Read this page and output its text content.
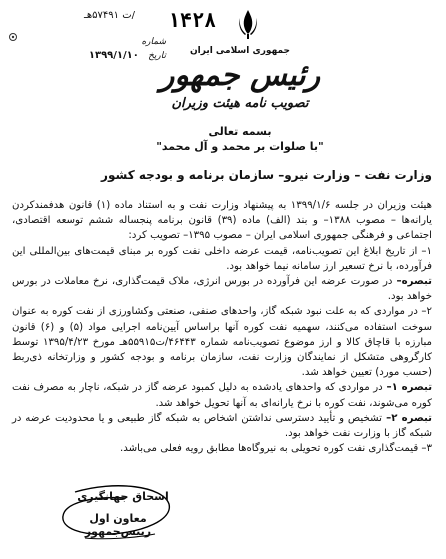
۱۴۲۸
/ت ۵۷۴۹۱هـ
شماره
تاریخ ۱۳۹۹/۱/۱۰	جمهوری اسلامی ایران
رئیس جمهور
تصویب نامه هیئت وزیران
بسمه تعالی
"با صلوات بر محمد و آل محمد"
وزارت نفت – وزارت نیرو– سازمان برنامه و بودجه کشور

هیئت وزیران در جلسه ۱۳۹۹/۱/۶ به پیشنهاد وزارت نفت و به استناد ماده (۱) قانون هدفمندکردن یارانه‌ها – مصوب ۱۳۸۸– و بند (الف) ماده (۳۹) قانون برنامه پنجساله ششم توسعه اقتصادی، اجتماعی و فرهنگی جمهوری اسلامی ایران – مصوب ۱۳۹۵– تصویب کرد:

۱– از تاریخ ابلاغ این تصویب‌نامه، قیمت عرضه داخلی نفت کوره بر مبنای قیمت‌های بین‌المللی این فرآورده، با نرخ تسعیر ارز سامانه نیما خواهد بود.

تبصره– در صورت عرضه این فرآورده در بورس انرژی، ملاک قیمت‌گذاری، نرخ معاملات در بورس خواهد بود.

۲– در مواردی که به علت نبود شبکه گاز، واحدهای صنفی، صنعتی وکشاورزی از نفت کوره به عنوان سوخت استفاده می‌کنند، سهمیه نفت کوره آنها براساس آیین‌نامه اجرایی مواد (۵) و (۶) قانون مبارزه با قاچاق کالا و ارز موضوع تصویب‌نامه شماره ۴۶۴۴۳/ت۵۵۹۱۵هـ مورخ ۱۳۹۵/۴/۲۳ توسط کارگروهی متشکل از نمایندگان وزارت نفت، سازمان برنامه و بودجه کشور و وزارتخانه ذی‌ربط (حسب مورد) تعیین خواهد شد.

تبصره ۱– در مواردی که واحدهای یادشده به دلیل کمبود عرضه گاز در شبکه، ناچار به مصرف نفت کوره می‌شوند، نفت کوره با نرخ یارانه‌ای به آنها تحویل خواهد شد.

تبصره ۲– تشخیص و تأیید دسترسی نداشتن اشخاص به شبکه گاز طبیعی و یا محدودیت عرضه در شبکه گاز با وزارت نفت خواهد بود.

۳– قیمت‌گذاری نفت کوره تحویلی به نیروگاه‌ها مطابق رویه فعلی می‌باشد.

اسحاق جهانگیری
معاون اول رییس‌جمهور
